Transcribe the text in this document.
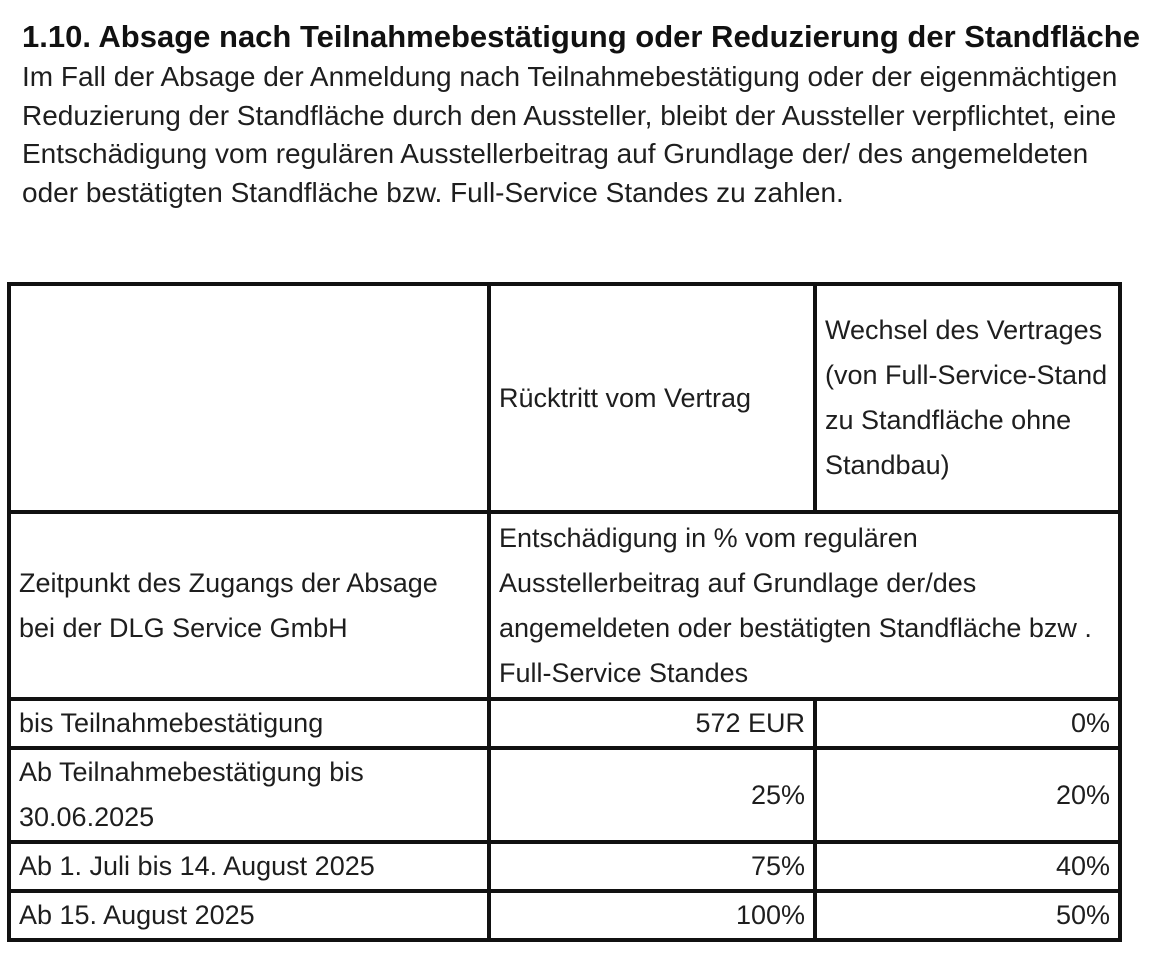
1.10. Absage nach Teilnahmebestätigung oder Reduzierung der Standfläche

Im Fall der Absage der Anmeldung nach Teilnahmebestätigung oder der eigenmächtigen Reduzierung der Standfläche durch den Aussteller, bleibt der Aussteller verpflichtet, eine Entschädigung vom regulären Ausstellerbeitrag auf Grundlage der/ des angemeldeten oder bestätigten Standfläche bzw. Full-Service Standes zu zahlen.

	Rücktritt vom Vertrag	Wechsel des Vertrages (von Full-Service-Stand zu Standfläche ohne Standbau)
Zeitpunkt des Zugangs der Absage bei der DLG Service GmbH	Entschädigung in % vom regulären Ausstellerbeitrag auf Grundlage der/des angemeldeten oder bestätigten Standfläche bzw . Full-Service Standes	
bis Teilnahmebestätigung	572 EUR	0%
Ab Teilnahmebestätigung bis 30.06.2025	25%	20%
Ab 1. Juli bis 14. August 2025	75%	40%
Ab 15. August 2025	100%	50%
